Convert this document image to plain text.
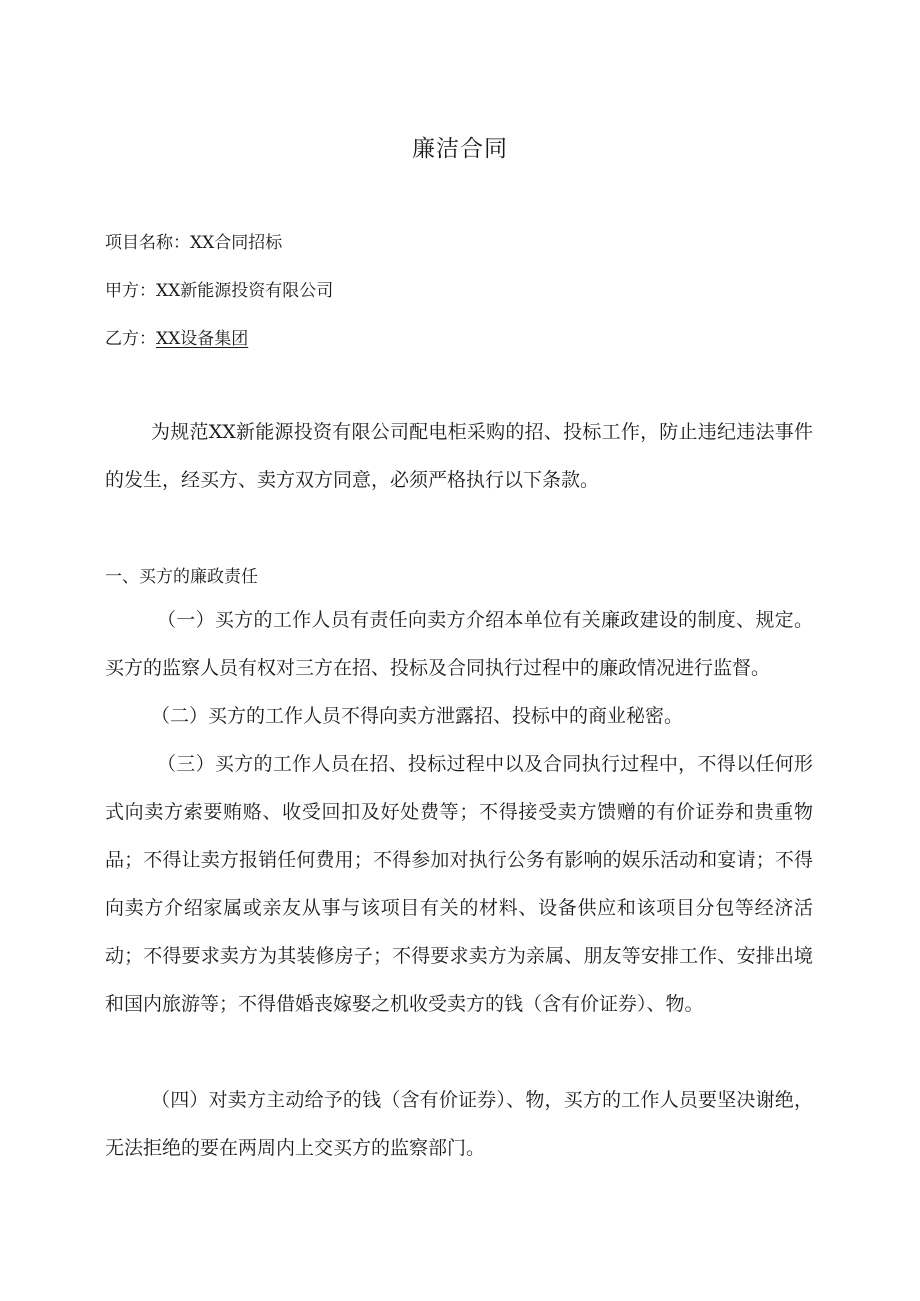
廉洁合同
项目名称：XX合同招标
甲方：XX新能源投资有限公司
乙方：XX设备集团
为规范XX新能源投资有限公司配电柜采购的招、投标工作，防止违纪违法事件的发生，经买方、卖方双方同意，必须严格执行以下条款。
一、买方的廉政责任
（一）买方的工作人员有责任向卖方介绍本单位有关廉政建设的制度、规定。买方的监察人员有权对三方在招、投标及合同执行过程中的廉政情况进行监督。
（二）买方的工作人员不得向卖方泄露招、投标中的商业秘密。
（三）买方的工作人员在招、投标过程中以及合同执行过程中，不得以任何形式向卖方索要贿赂、收受回扣及好处费等；不得接受卖方馈赠的有价证券和贵重物品；不得让卖方报销任何费用；不得参加对执行公务有影响的娱乐活动和宴请；不得向卖方介绍家属或亲友从事与该项目有关的材料、设备供应和该项目分包等经济活动；不得要求卖方为其装修房子；不得要求卖方为亲属、朋友等安排工作、安排出境和国内旅游等；不得借婚丧嫁娶之机收受卖方的钱（含有价证券）、物。
（四）对卖方主动给予的钱（含有价证券）、物，买方的工作人员要坚决谢绝，无法拒绝的要在两周内上交买方的监察部门。
